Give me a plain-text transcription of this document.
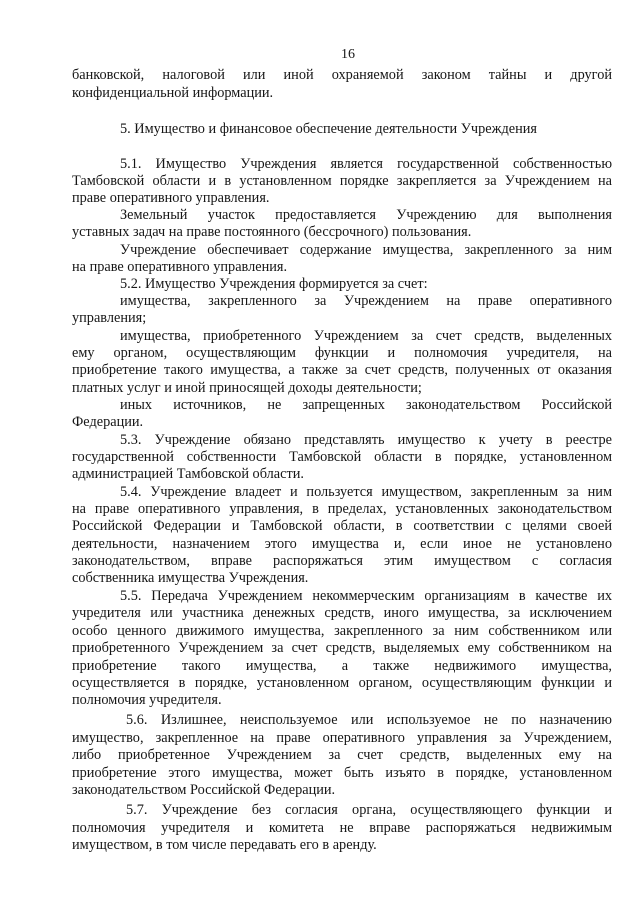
16
банковской, налоговой или иной охраняемой законом тайны и другой
конфиденциальной информации.
5. Имущество и финансовое обеспечение деятельности Учреждения
5.1. Имущество Учреждения является государственной собственностью
Тамбовской области и в установленном порядке закрепляется за Учреждением на
праве оперативного управления.
Земельный участок предоставляется Учреждению для выполнения
уставных задач на праве постоянного (бессрочного) пользования.
Учреждение обеспечивает содержание имущества, закрепленного за ним
на праве оперативного управления.
5.2. Имущество Учреждения формируется за счет:
имущества, закрепленного за Учреждением на праве оперативного
управления;
имущества, приобретенного Учреждением за счет средств, выделенных
ему органом, осуществляющим функции и полномочия учредителя, на
приобретение такого имущества, а также за счет средств, полученных от оказания
платных услуг и иной приносящей доходы деятельности;
иных источников, не запрещенных законодательством Российской
Федерации.
5.3. Учреждение обязано представлять имущество к учету в реестре
государственной собственности Тамбовской области в порядке, установленном
администрацией Тамбовской области.
5.4. Учреждение владеет и пользуется имуществом, закрепленным за ним
на праве оперативного управления, в пределах, установленных законодательством
Российской Федерации и Тамбовской области, в соответствии с целями своей
деятельности, назначением этого имущества и, если иное не установлено
законодательством, вправе распоряжаться этим имуществом с согласия
собственника имущества Учреждения.
5.5. Передача Учреждением некоммерческим организациям в качестве их
учредителя или участника денежных средств, иного имущества, за исключением
особо ценного движимого имущества, закрепленного за ним собственником или
приобретенного Учреждением за счет средств, выделяемых ему собственником на
приобретение такого имущества, а также недвижимого имущества,
осуществляется в порядке, установленном органом, осуществляющим функции и
полномочия учредителя.
5.6. Излишнее, неиспользуемое или используемое не по назначению
имущество, закрепленное на праве оперативного управления за Учреждением,
либо приобретенное Учреждением за счет средств, выделенных ему на
приобретение этого имущества, может быть изъято в порядке, установленном
законодательством Российской Федерации.
5.7. Учреждение без согласия органа, осуществляющего функции и
полномочия учредителя и комитета не вправе распоряжаться недвижимым
имуществом, в том числе передавать его в аренду.
